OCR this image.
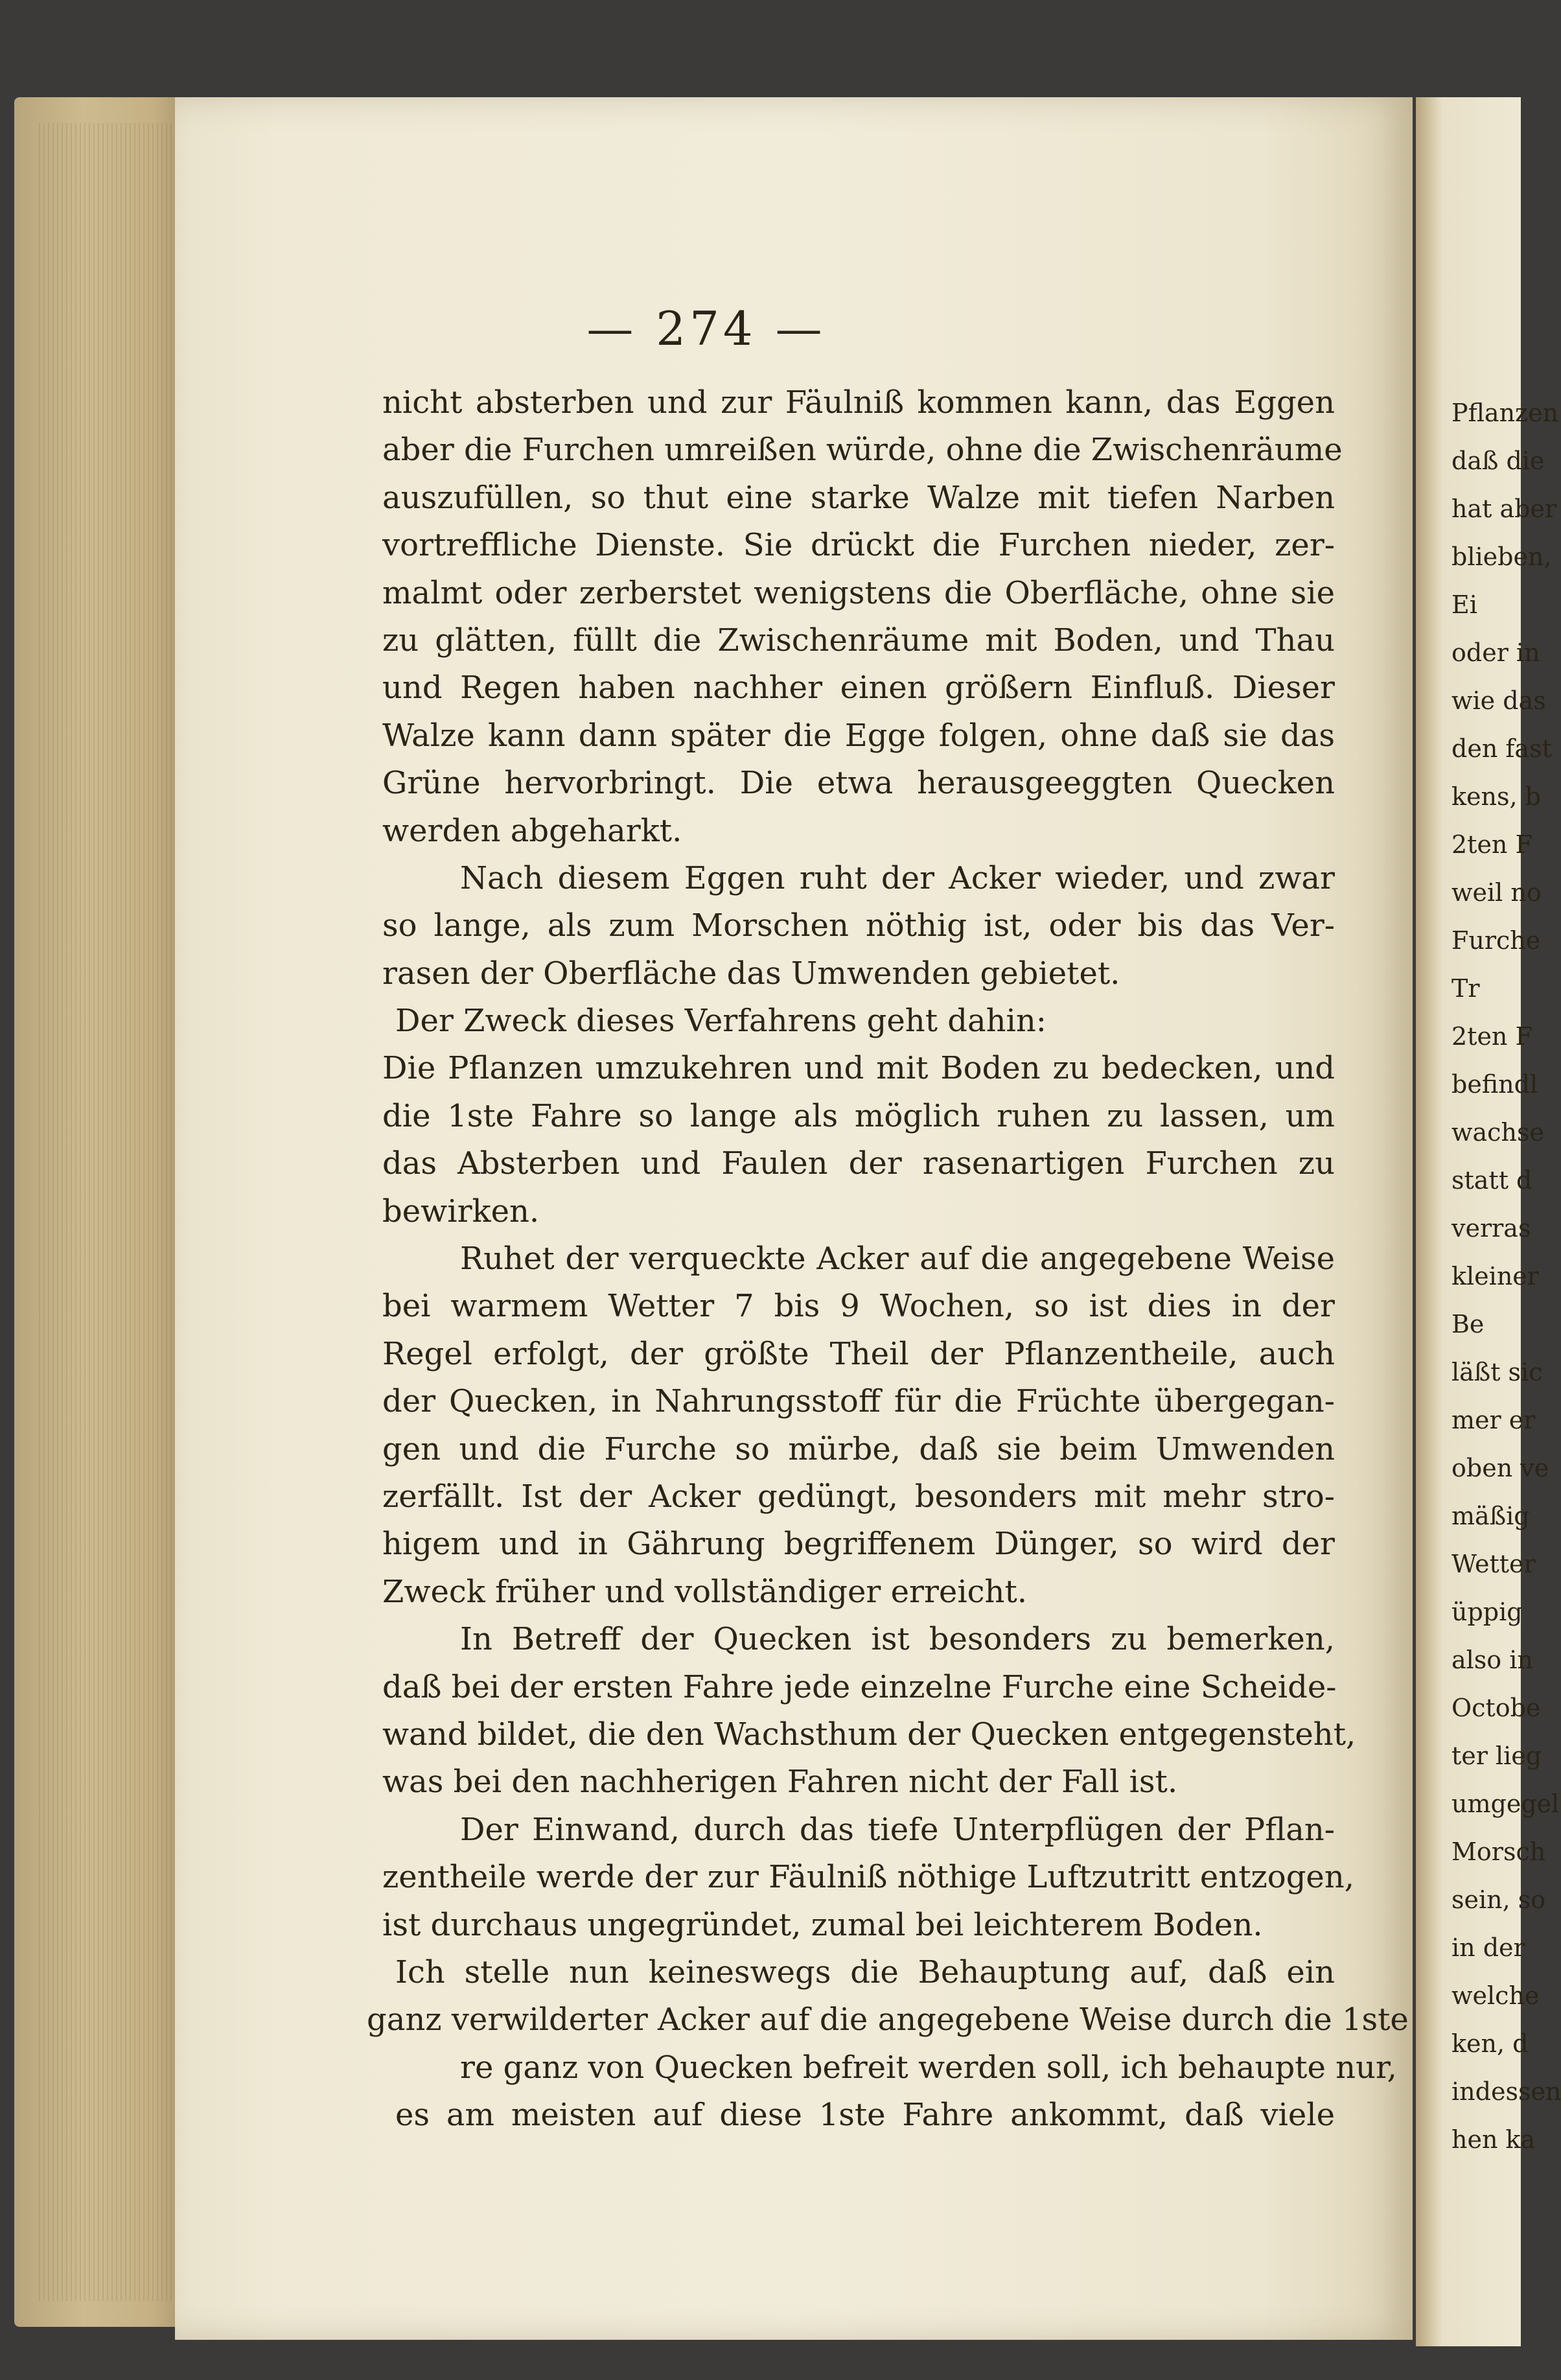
— 274 —
nicht absterben und zur Fäulniß kommen kann, das Eggen
aber die Furchen umreißen würde, ohne die Zwischenräume
auszufüllen, so thut eine starke Walze mit tiefen Narben
vortreffliche Dienste. Sie drückt die Furchen nieder, zer-
malmt oder zerberstet wenigstens die Oberfläche, ohne sie
zu glätten, füllt die Zwischenräume mit Boden, und Thau
und Regen haben nachher einen größern Einfluß. Dieser
Walze kann dann später die Egge folgen, ohne daß sie das
Grüne hervorbringt. Die etwa herausgeeggten Quecken
werden abgeharkt.
Nach diesem Eggen ruht der Acker wieder, und zwar
so lange, als zum Morschen nöthig ist, oder bis das Ver-
rasen der Oberfläche das Umwenden gebietet.
Der Zweck dieses Verfahrens geht dahin:
Die Pflanzen umzukehren und mit Boden zu bedecken, und
die 1ste Fahre so lange als möglich ruhen zu lassen, um
das Absterben und Faulen der rasenartigen Furchen zu
bewirken.
Ruhet der verqueckte Acker auf die angegebene Weise
bei warmem Wetter 7 bis 9 Wochen, so ist dies in der
Regel erfolgt, der größte Theil der Pflanzentheile, auch
der Quecken, in Nahrungsstoff für die Früchte übergegan-
gen und die Furche so mürbe, daß sie beim Umwenden
zerfällt. Ist der Acker gedüngt, besonders mit mehr stro-
higem und in Gährung begriffenem Dünger, so wird der
Zweck früher und vollständiger erreicht.
In Betreff der Quecken ist besonders zu bemerken,
daß bei der ersten Fahre jede einzelne Furche eine Scheide-
wand bildet, die den Wachsthum der Quecken entgegensteht,
was bei den nachherigen Fahren nicht der Fall ist.
Der Einwand, durch das tiefe Unterpflügen der Pflan-
zentheile werde der zur Fäulniß nöthige Luftzutritt entzogen,
ist durchaus ungegründet, zumal bei leichterem Boden.
Ich stelle nun keineswegs die Behauptung auf, daß ein
ganz verwilderter Acker auf die angegebene Weise durch die 1ste
re ganz von Quecken befreit werden soll, ich behaupte nur,
es am meisten auf diese 1ste Fahre ankommt, daß viele
Pflanzen
daß die
hat aber
blieben,
Ei
oder in
wie das
den fast
kens, b
2ten F
weil no
Furche
Tr
2ten F
befindl
wachse
statt d
verras
kleiner
Be
läßt sic
mer er
oben ve
mäßig
Wetter
üppig
also in
Octobe
ter lieg
umgegel
Morsch
sein, so
in der
welche
ken, d
indessen
hen ka
